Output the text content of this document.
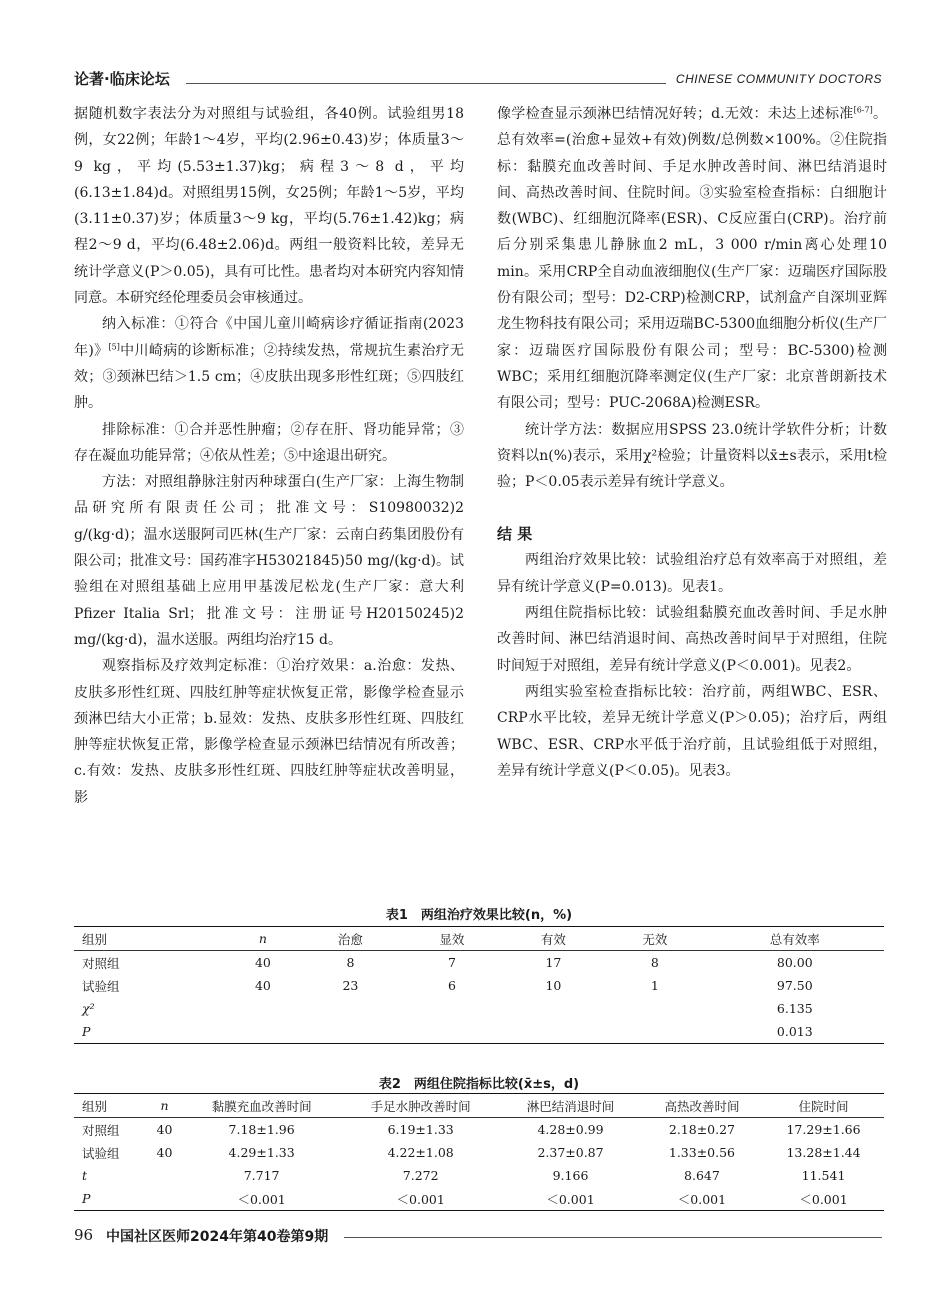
论著·临床论坛	CHINESE COMMUNITY DOCTORS

据随机数字表法分为对照组与试验组，各40例。试验组男18例，女22例；年龄1～4岁，平均(2.96±0.43)岁；体质量3～9 kg，平均(5.53±1.37)kg；病程3～8 d，平均(6.13±1.84)d。对照组男15例，女25例；年龄1～5岁，平均(3.11±0.37)岁；体质量3～9 kg，平均(5.76±1.42)kg；病程2～9 d，平均(6.48±2.06)d。两组一般资料比较，差异无统计学意义(P＞0.05)，具有可比性。患者均对本研究内容知情同意。本研究经伦理委员会审核通过。

纳入标准：①符合《中国儿童川崎病诊疗循证指南(2023年)》[5]中川崎病的诊断标准；②持续发热，常规抗生素治疗无效；③颈淋巴结＞1.5 cm；④皮肤出现多形性红斑；⑤四肢红肿。

排除标准：①合并恶性肿瘤；②存在肝、肾功能异常；③存在凝血功能异常；④依从性差；⑤中途退出研究。

方法：对照组静脉注射丙种球蛋白(生产厂家：上海生物制品研究所有限责任公司；批准文号：S10980032)2 g/(kg·d)；温水送服阿司匹林(生产厂家：云南白药集团股份有限公司；批准文号：国药准字H53021845)50 mg/(kg·d)。试验组在对照组基础上应用甲基泼尼松龙(生产厂家：意大利Pfizer Italia Srl；批准文号：注册证号H20150245)2 mg/(kg·d)，温水送服。两组均治疗15 d。

观察指标及疗效判定标准：①治疗效果：a.治愈：发热、皮肤多形性红斑、四肢红肿等症状恢复正常，影像学检查显示颈淋巴结大小正常；b.显效：发热、皮肤多形性红斑、四肢红肿等症状恢复正常，影像学检查显示颈淋巴结情况有所改善；c.有效：发热、皮肤多形性红斑、四肢红肿等症状改善明显，影

像学检查显示颈淋巴结情况好转；d.无效：未达上述标准[6-7]。总有效率=(治愈+显效+有效)例数/总例数×100%。②住院指标：黏膜充血改善时间、手足水肿改善时间、淋巴结消退时间、高热改善时间、住院时间。③实验室检查指标：白细胞计数(WBC)、红细胞沉降率(ESR)、C反应蛋白(CRP)。治疗前后分别采集患儿静脉血2 mL，3 000 r/min离心处理10 min。采用CRP全自动血液细胞仪(生产厂家：迈瑞医疗国际股份有限公司；型号：D2-CRP)检测CRP，试剂盒产自深圳亚辉龙生物科技有限公司；采用迈瑞BC-5300血细胞分析仪(生产厂家：迈瑞医疗国际股份有限公司；型号：BC-5300)检测WBC；采用红细胞沉降率测定仪(生产厂家：北京普朗新技术有限公司；型号：PUC-2068A)检测ESR。

统计学方法：数据应用SPSS 23.0统计学软件分析；计数资料以n(%)表示，采用χ²检验；计量资料以x̄±s表示，采用t检验；P＜0.05表示差异有统计学意义。

结 果

两组治疗效果比较：试验组治疗总有效率高于对照组，差异有统计学意义(P=0.013)。见表1。

两组住院指标比较：试验组黏膜充血改善时间、手足水肿改善时间、淋巴结消退时间、高热改善时间早于对照组，住院时间短于对照组，差异有统计学意义(P＜0.001)。见表2。

两组实验室检查指标比较：治疗前，两组WBC、ESR、CRP水平比较，差异无统计学意义(P＞0.05)；治疗后，两组WBC、ESR、CRP水平低于治疗前，且试验组低于对照组，差异有统计学意义(P＜0.05)。见表3。

表1　两组治疗效果比较(n，%)
组别	n	治愈	显效	有效	无效	总有效率
对照组	40	8	7	17	8	80.00
试验组	40	23	6	10	1	97.50
χ²						6.135
P						0.013
表2　两组住院指标比较(x̄±s，d)
组别	n	黏膜充血改善时间	手足水肿改善时间	淋巴结消退时间	高热改善时间	住院时间
对照组	40	7.18±1.96	6.19±1.33	4.28±0.99	2.18±0.27	17.29±1.66
试验组	40	4.29±1.33	4.22±1.08	2.37±0.87	1.33±0.56	13.28±1.44
t		7.717	7.272	9.166	8.647	11.541
P		＜0.001	＜0.001	＜0.001	＜0.001	＜0.001
96 中国社区医师2024年第40卷第9期
